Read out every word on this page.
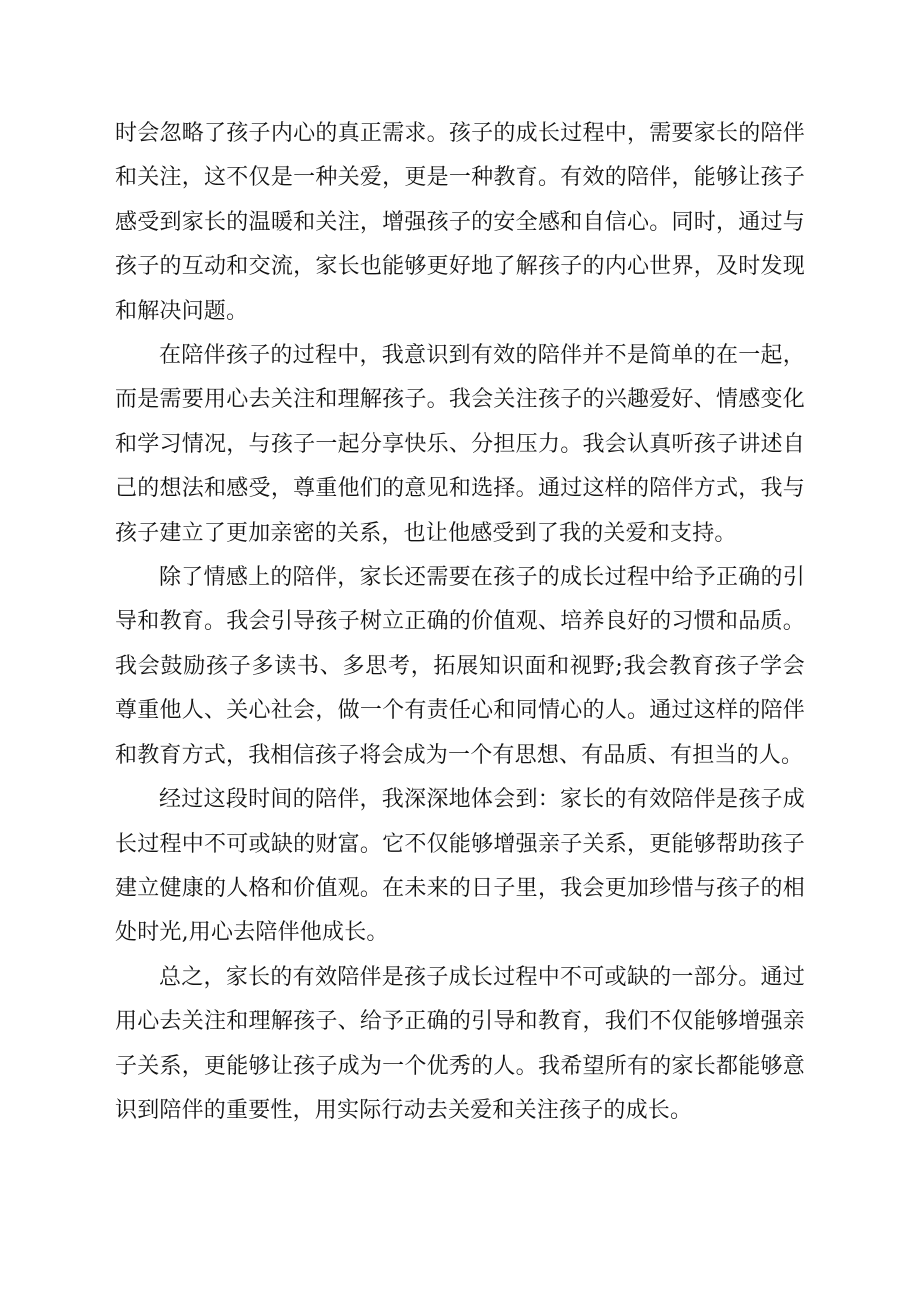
时会忽略了孩子内心的真正需求。孩子的成长过程中，需要家长的陪伴和关注，这不仅是一种关爱，更是一种教育。有效的陪伴，能够让孩子感受到家长的温暖和关注，增强孩子的安全感和自信心。同时，通过与孩子的互动和交流，家长也能够更好地了解孩子的内心世界，及时发现和解决问题。

在陪伴孩子的过程中，我意识到有效的陪伴并不是简单的在一起，而是需要用心去关注和理解孩子。我会关注孩子的兴趣爱好、情感变化和学习情况，与孩子一起分享快乐、分担压力。我会认真听孩子讲述自己的想法和感受，尊重他们的意见和选择。通过这样的陪伴方式，我与孩子建立了更加亲密的关系，也让他感受到了我的关爱和支持。

除了情感上的陪伴，家长还需要在孩子的成长过程中给予正确的引导和教育。我会引导孩子树立正确的价值观、培养良好的习惯和品质。我会鼓励孩子多读书、多思考，拓展知识面和视野;我会教育孩子学会尊重他人、关心社会，做一个有责任心和同情心的人。通过这样的陪伴和教育方式，我相信孩子将会成为一个有思想、有品质、有担当的人。

经过这段时间的陪伴，我深深地体会到：家长的有效陪伴是孩子成长过程中不可或缺的财富。它不仅能够增强亲子关系，更能够帮助孩子建立健康的人格和价值观。在未来的日子里，我会更加珍惜与孩子的相处时光,用心去陪伴他成长。

总之，家长的有效陪伴是孩子成长过程中不可或缺的一部分。通过用心去关注和理解孩子、给予正确的引导和教育，我们不仅能够增强亲子关系，更能够让孩子成为一个优秀的人。我希望所有的家长都能够意识到陪伴的重要性，用实际行动去关爱和关注孩子的成长。
